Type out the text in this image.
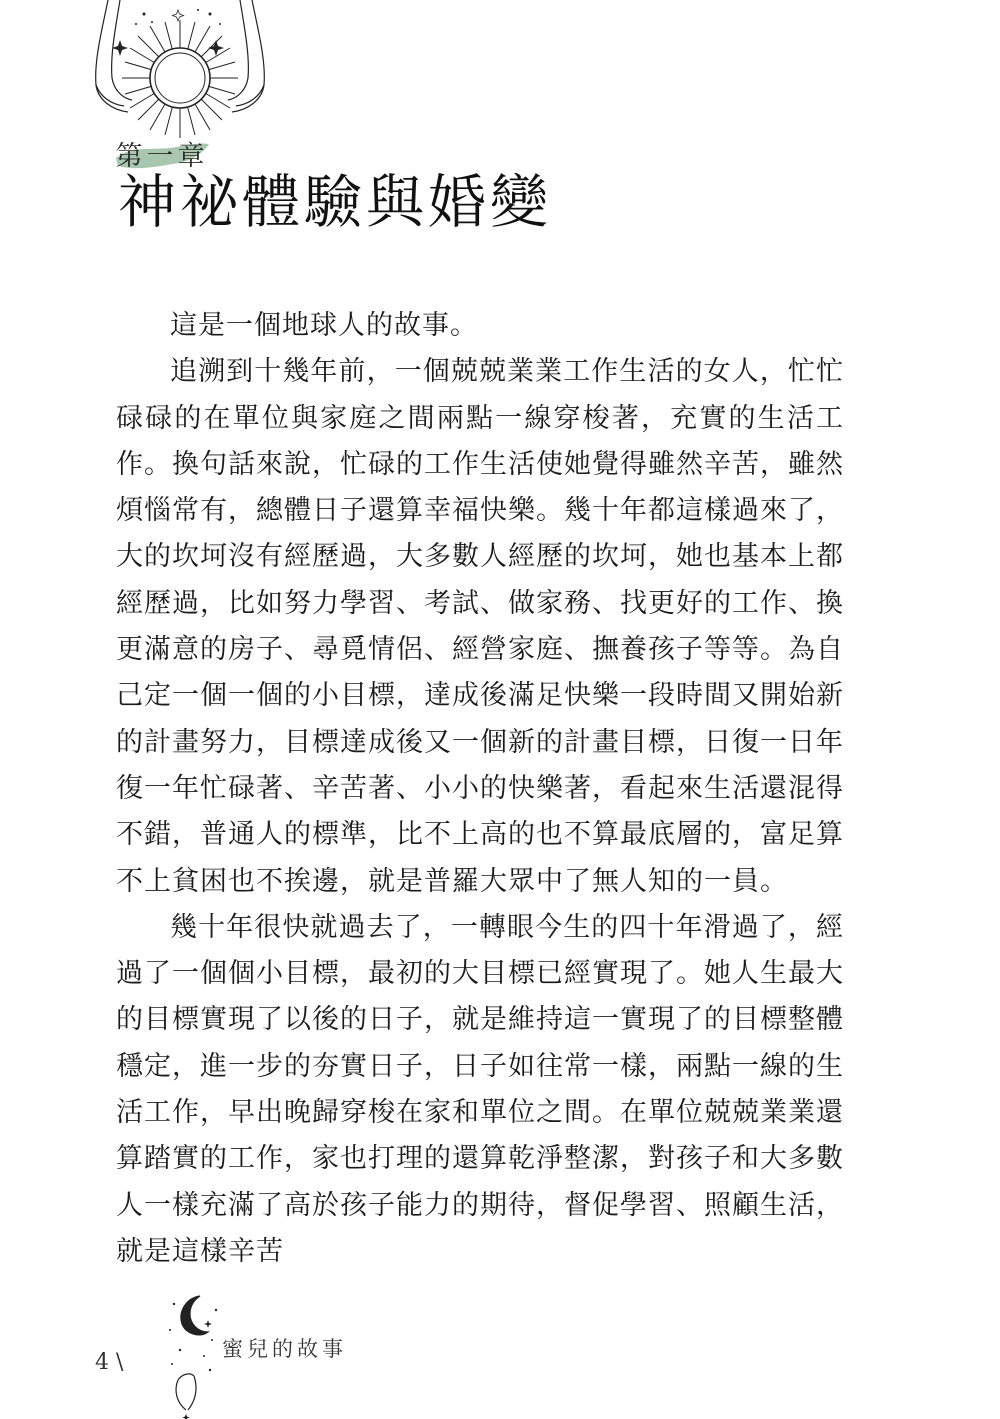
第一章
神祕體驗與婚變

這是一個地球人的故事。

追溯到十幾年前，一個兢兢業業工作生活的女人，忙忙碌碌的在單位與家庭之間兩點一線穿梭著，充實的生活工作。換句話來說，忙碌的工作生活使她覺得雖然辛苦，雖然煩惱常有，總體日子還算幸福快樂。幾十年都這樣過來了，大的坎坷沒有經歷過，大多數人經歷的坎坷，她也基本上都經歷過，比如努力學習、考試、做家務、找更好的工作、換更滿意的房子、尋覓情侶、經營家庭、撫養孩子等等。為自己定一個一個的小目標，達成後滿足快樂一段時間又開始新的計畫努力，目標達成後又一個新的計畫目標，日復一日年復一年忙碌著、辛苦著、小小的快樂著，看起來生活還混得不錯，普通人的標準，比不上高的也不算最底層的，富足算不上貧困也不挨邊，就是普羅大眾中了無人知的一員。

幾十年很快就過去了，一轉眼今生的四十年滑過了，經過了一個個小目標，最初的大目標已經實現了。她人生最大的目標實現了以後的日子，就是維持這一實現了的目標整體穩定，進一步的夯實日子，日子如往常一樣，兩點一線的生活工作，早出晚歸穿梭在家和單位之間。在單位兢兢業業還算踏實的工作，家也打理的還算乾淨整潔，對孩子和大多數人一樣充滿了高於孩子能力的期待，督促學習、照顧生活，就是這樣辛苦

4 \
蜜兒的故事
